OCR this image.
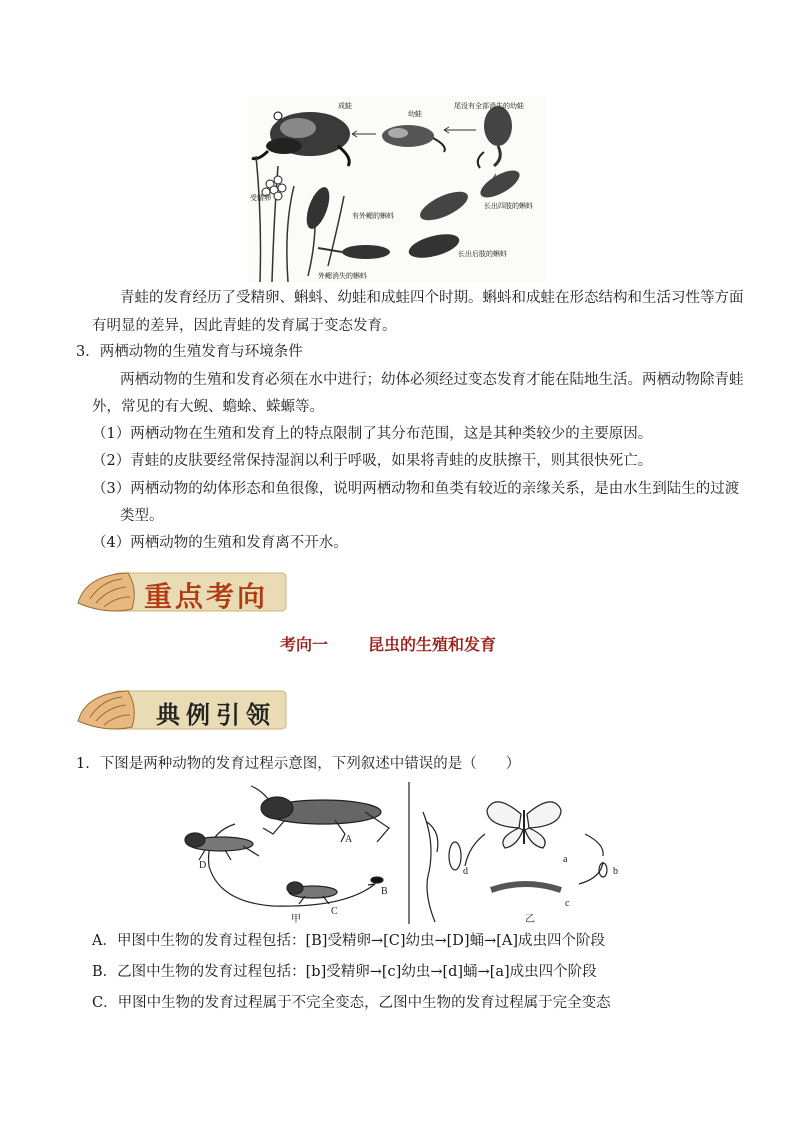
成蛙
幼蛙
尾没有全部消失的幼蛙
受精卵
有外鳃的蝌蚪
外鳃消失的蝌蚪
长出后肢的蝌蚪
长出四肢的蝌蚪
青蛙的发育经历了受精卵、蝌蚪、幼蛙和成蛙四个时期。蝌蚪和成蛙在形态结构和生活习性等方面
有明显的差异，因此青蛙的发育属于变态发育。
3．两栖动物的生殖发育与环境条件
两栖动物的生殖和发育必须在水中进行；幼体必须经过变态发育才能在陆地生活。两栖动物除青蛙
外，常见的有大鲵、蟾蜍、蝾螈等。
（1）两栖动物在生殖和发育上的特点限制了其分布范围，这是其种类较少的主要原因。
（2）青蛙的皮肤要经常保持湿润以利于呼吸，如果将青蛙的皮肤擦干，则其很快死亡。
（3）两栖动物的幼体形态和鱼很像，说明两栖动物和鱼类有较近的亲缘关系，是由水生到陆生的过渡
类型。
（4）两栖动物的生殖和发育离不开水。
重点考向
考向一 昆虫的生殖和发育
典例引领
1．下图是两种动物的发育过程示意图，下列叙述中错误的是（　　）
A
B
C
D
甲
a
b
c
d
乙
A．甲图中生物的发育过程包括：[B]受精卵→[C]幼虫→[D]蛹→[A]成虫四个阶段
B．乙图中生物的发育过程包括：[b]受精卵→[c]幼虫→[d]蛹→[a]成虫四个阶段
C．甲图中生物的发育过程属于不完全变态，乙图中生物的发育过程属于完全变态
